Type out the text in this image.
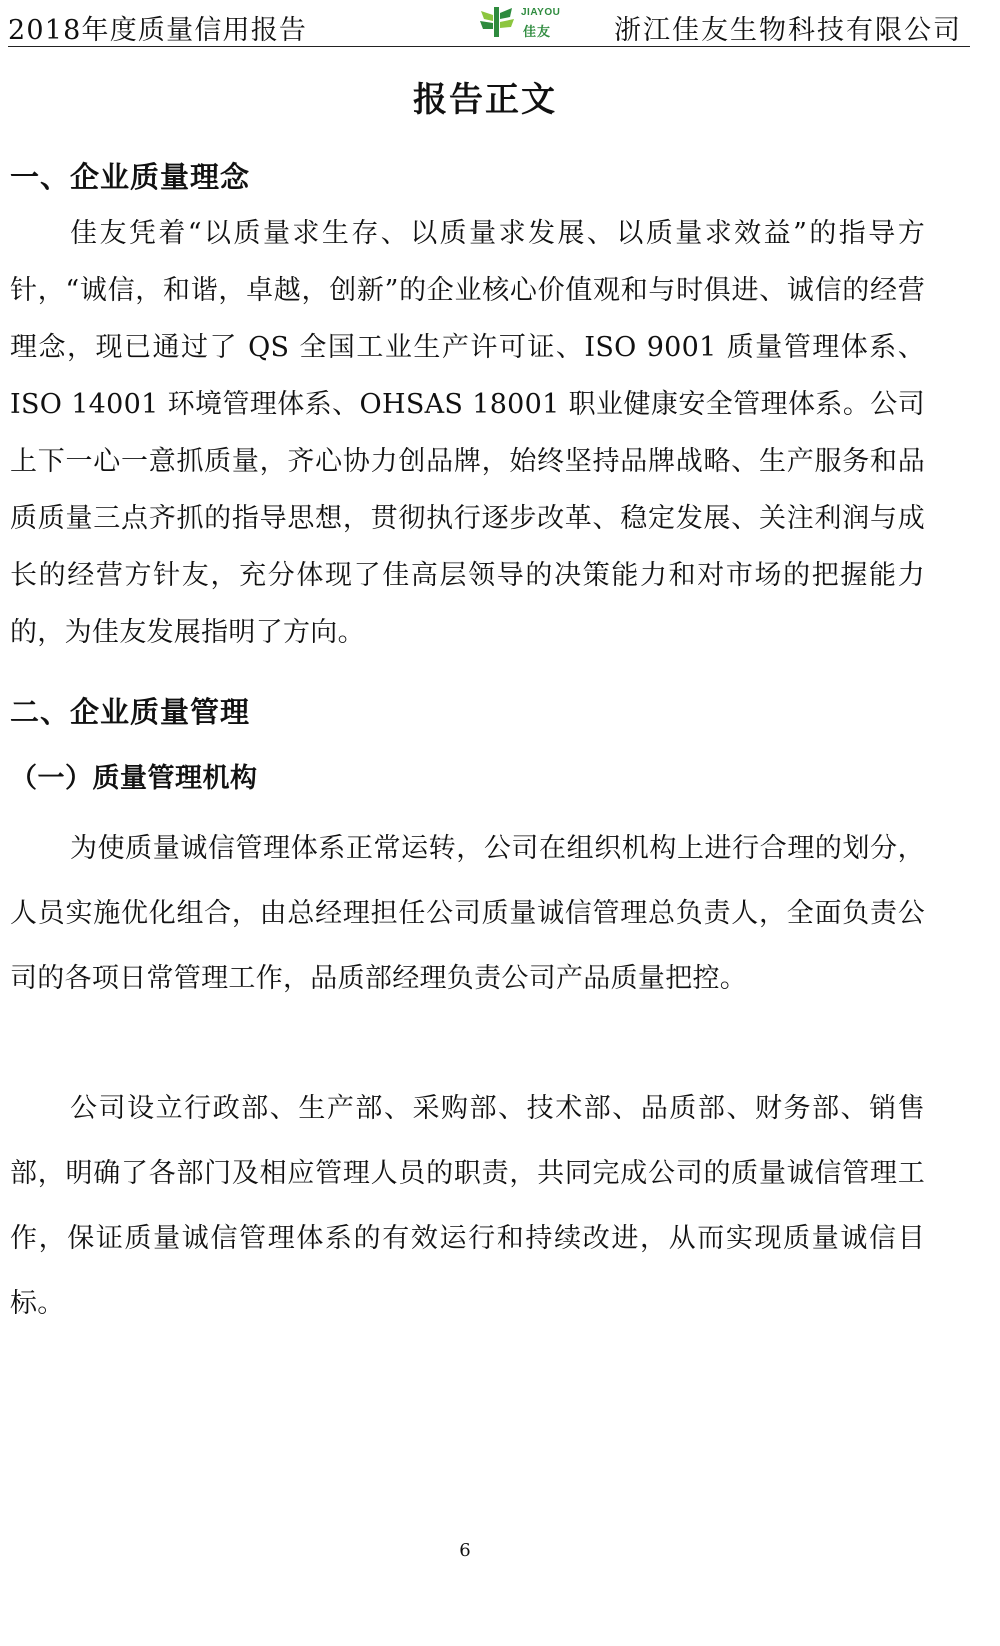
2018年度质量信用报告
JIAYOU
佳友 浙江佳友生物科技有限公司
报告正文
一、企业质量理念

佳友凭着“以质量求生存、以质量求发展、以质量求效益”的指导方针，“诚信，和谐，卓越，创新”的企业核心价值观和与时俱进、诚信的经营理念，现已通过了 QS 全国工业生产许可证、ISO 9001 质量管理体系、ISO 14001 环境管理体系、OHSAS 18001 职业健康安全管理体系。公司上下一心一意抓质量，齐心协力创品牌，始终坚持品牌战略、生产服务和品质质量三点齐抓的指导思想，贯彻执行逐步改革、稳定发展、关注利润与成长的经营方针友，充分体现了佳高层领导的决策能力和对市场的把握能力的，为佳友发展指明了方向。

二、企业质量管理
（一）质量管理机构

为使质量诚信管理体系正常运转，公司在组织机构上进行合理的划分，人员实施优化组合，由总经理担任公司质量诚信管理总负责人，全面负责公司的各项日常管理工作，品质部经理负责公司产品质量把控。

公司设立行政部、生产部、采购部、技术部、品质部、财务部、销售部，明确了各部门及相应管理人员的职责，共同完成公司的质量诚信管理工作，保证质量诚信管理体系的有效运行和持续改进，从而实现质量诚信目标。

6
